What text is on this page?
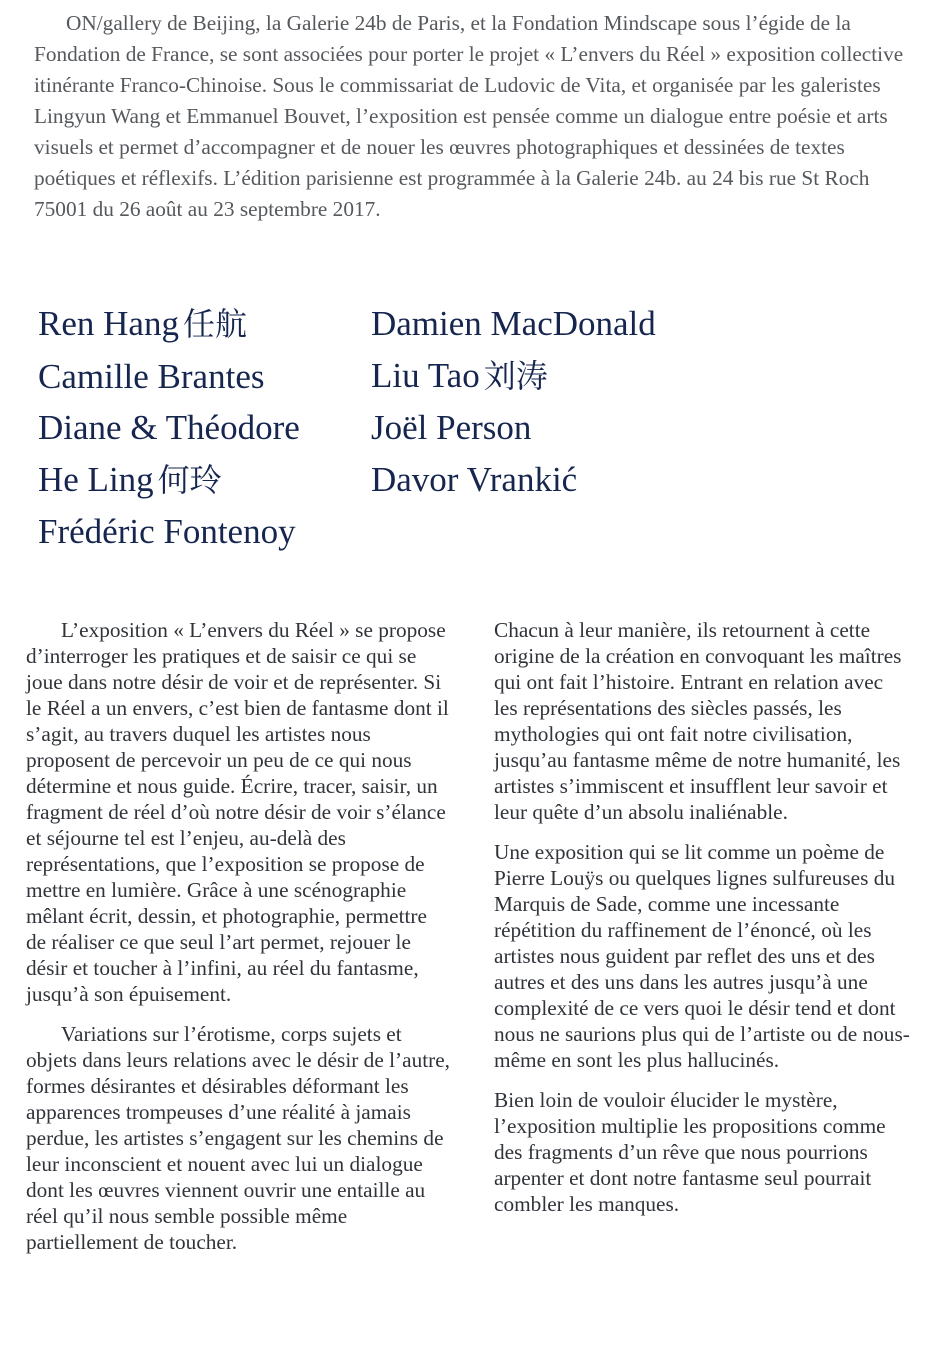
ON/gallery de Beijing, la Galerie 24b de Paris, et la Fondation Mindscape sous l’égide de la Fondation de France, se sont associées pour porter le projet « L’envers du Réel » exposition collective itinérante Franco-Chinoise. Sous le commissariat de Ludovic de Vita, et organisée par les galeristes Lingyun Wang et Emmanuel Bouvet, l’exposition est pensée comme un dialogue entre poésie et arts visuels et permet d’accompagner et de nouer les œuvres photographiques et dessinées de textes poétiques et réflexifs. L’édition parisienne est programmée à la Galerie 24b. au 24 bis rue St Roch 75001 du 26 août au 23 septembre 2017.

Ren Hang 任航
Camille Brantes
Diane & Théodore
He Ling 何玲
Frédéric Fontenoy
Damien MacDonald
Liu Tao 刘涛
Joël Person
Davor Vrankić

L’exposition « L’envers du Réel » se propose d’interroger les pratiques et de saisir ce qui se joue dans notre désir de voir et de représenter. Si le Réel a un envers, c’est bien de fantasme dont il s’agit, au travers duquel les artistes nous proposent de percevoir un peu de ce qui nous détermine et nous guide. Écrire, tracer, saisir, un fragment de réel d’où notre désir de voir s’élance et séjourne tel est l’enjeu, au-delà des représentations, que l’exposition se propose de mettre en lumière. Grâce à une scénographie mêlant écrit, dessin, et photographie, permettre de réaliser ce que seul l’art permet, rejouer le désir et toucher à l’infini, au réel du fantasme, jusqu’à son épuisement.

Variations sur l’érotisme, corps sujets et objets dans leurs relations avec le désir de l’autre, formes désirantes et désirables déformant les apparences trompeuses d’une réalité à jamais perdue, les artistes s’engagent sur les chemins de leur inconscient et nouent avec lui un dialogue dont les œuvres viennent ouvrir une entaille au réel qu’il nous semble possible même partiellement de toucher.

Chacun à leur manière, ils retournent à cette origine de la création en convoquant les maîtres qui ont fait l’histoire. Entrant en relation avec les représentations des siècles passés, les mythologies qui ont fait notre civilisation, jusqu’au fantasme même de notre humanité, les artistes s’immiscent et insufflent leur savoir et leur quête d’un absolu inaliénable.

Une exposition qui se lit comme un poème de Pierre Louÿs ou quelques lignes sulfureuses du Marquis de Sade, comme une incessante répétition du raffinement de l’énoncé, où les artistes nous guident par reflet des uns et des autres et des uns dans les autres jusqu’à une complexité de ce vers quoi le désir tend et dont nous ne saurions plus qui de l’artiste ou de nous-même en sont les plus hallucinés.

Bien loin de vouloir élucider le mystère, l’exposition multiplie les propositions comme des fragments d’un rêve que nous pourrions arpenter et dont notre fantasme seul pourrait combler les manques.
